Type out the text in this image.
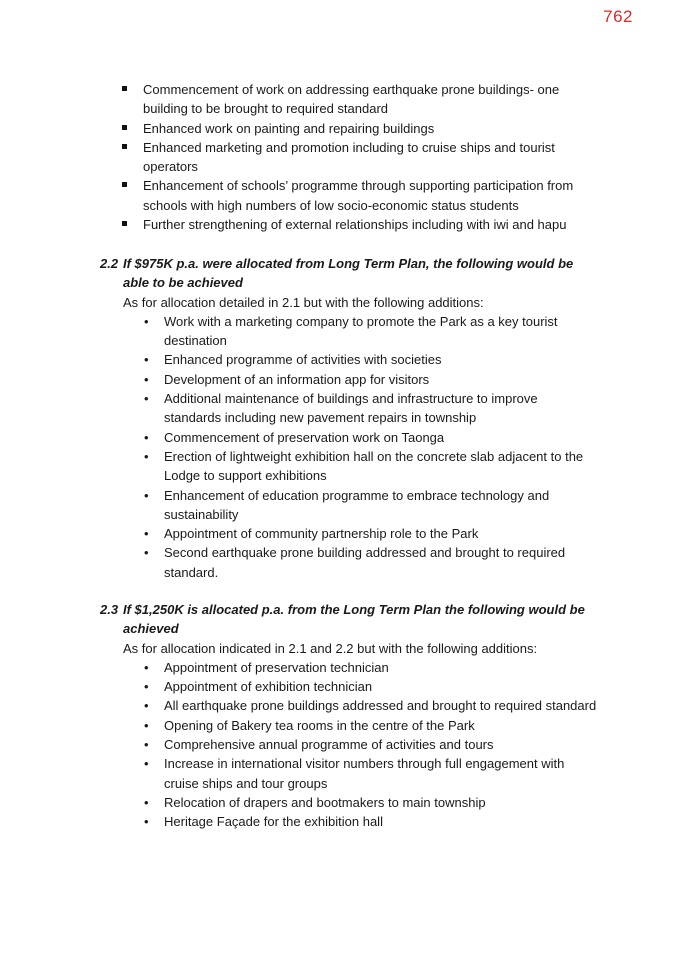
762
Commencement of work on addressing earthquake prone buildings- one building to be brought to required standard
Enhanced work on painting and repairing buildings
Enhanced marketing and promotion including to cruise ships and tourist operators
Enhancement of schools’ programme through supporting participation from schools with high numbers of low socio-economic status students
Further strengthening of external relationships including with iwi and hapu
2.2 If $975K p.a. were allocated from Long Term Plan, the following would be able to be achieved
As for allocation detailed in 2.1 but with the following additions:
• Work with a marketing company to promote the Park as a key tourist destination
• Enhanced programme of activities with societies
• Development of an information app for visitors
• Additional maintenance of buildings and infrastructure to improve standards including new pavement repairs in township
• Commencement of preservation work on Taonga
• Erection of lightweight exhibition hall on the concrete slab adjacent to the Lodge to support exhibitions
• Enhancement of education programme to embrace technology and sustainability
• Appointment of community partnership role to the Park
• Second earthquake prone building addressed and brought to required standard.
2.3 If $1,250K is allocated p.a. from the Long Term Plan the following would be achieved
As for allocation indicated in 2.1 and 2.2 but with the following additions:
• Appointment of preservation technician
• Appointment of exhibition technician
• All earthquake prone buildings addressed and brought to required standard
• Opening of Bakery tea rooms in the centre of the Park
• Comprehensive annual programme of activities and tours
• Increase in international visitor numbers through full engagement with cruise ships and tour groups
• Relocation of drapers and bootmakers to main township
• Heritage Façade for the exhibition hall
